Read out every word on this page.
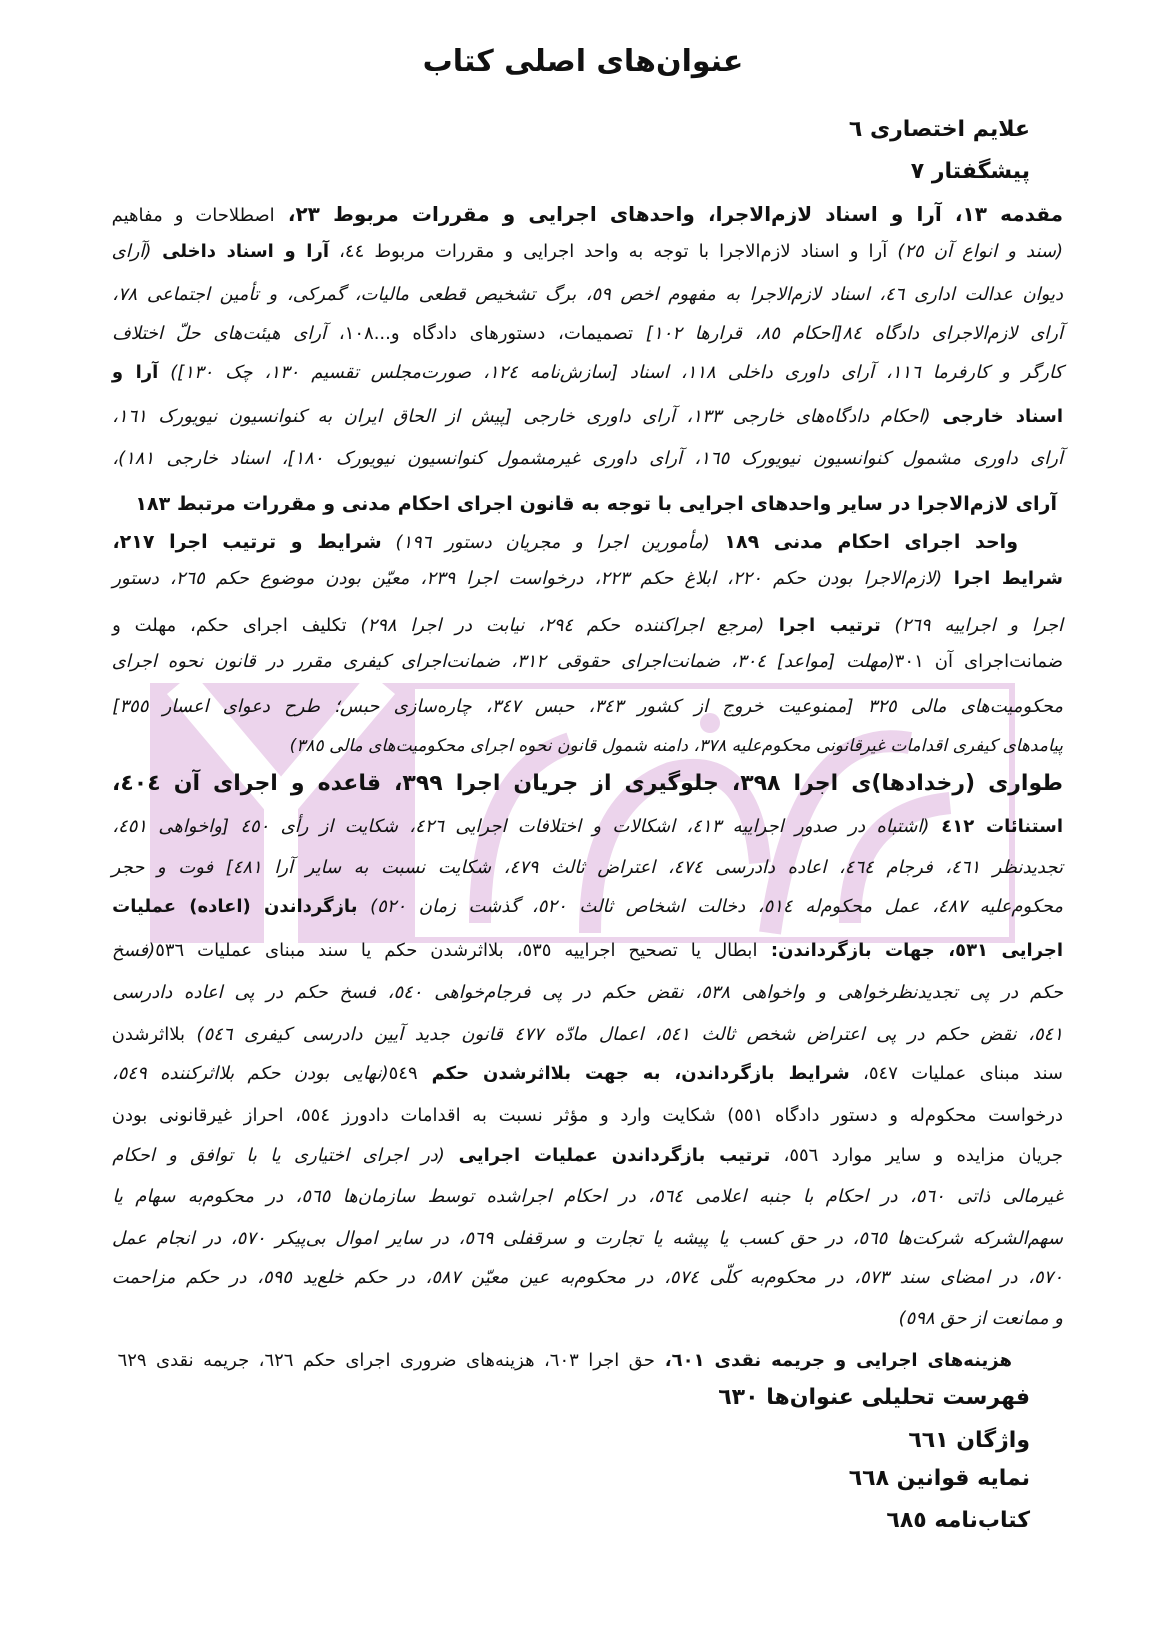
عنوان‌های اصلی کتاب
علایم اختصاری ٦
پیشگفتار ٧
مقدمه ١٣، آرا و اسناد لازم‌الاجرا، واحدهای اجرایی و مقررات مربوط ٢٣، اصطلاحات و مفاهیم
(سند و انواع آن ٢٥) آرا و اسناد لازم‌الاجرا با توجه به واحد اجرایی و مقررات مربوط ٤٤، آرا و اسناد داخلی (آرای
دیوان عدالت اداری ٤٦، اسناد لازم‌الاجرا به مفهوم اخص ٥٩، برگ تشخیص قطعی مالیات، گمرکی، و تأمین اجتماعی ٧٨،
آرای لازم‌الاجرای دادگاه ٨٤[احکام ٨٥، قرارها ١٠٢] تصمیمات، دستورهای دادگاه و...١٠٨، آرای هیئت‌های حلّ اختلاف
کارگر و کارفرما ١١٦، آرای داوری داخلی ١١٨، اسناد [سازش‌نامه ١٢٤، صورت‌مجلس تقسیم ١٣٠، چک ١٣٠]) آرا و
اسناد خارجی (احکام دادگاه‌های خارجی ١٣٣، آرای داوری خارجی [پیش از الحاق ایران به کنوانسیون نیویورک ١٦١،
آرای داوری مشمول کنوانسیون نیویورک ١٦٥، آرای داوری غیرمشمول کنوانسیون نیویورک ١٨٠]، اسناد خارجی ١٨١)،
آرای لازم‌الاجرا در سایر واحدهای اجرایی با توجه به قانون اجرای احکام مدنی و مقررات مرتبط ١٨٣
واحد اجرای احکام مدنی ١٨٩ (مأمورین اجرا و مجریان دستور ١٩٦) شرایط و ترتیب اجرا ٢١٧،
شرایط اجرا (لازم‌الاجرا بودن حکم ٢٢٠، ابلاغ حکم ٢٢٣، درخواست اجرا ٢٣٩، معیّن بودن موضوع حکم ٢٦٥، دستور
اجرا و اجراییه ٢٦٩) ترتیب اجرا (مرجع اجراکننده حکم ٢٩٤، نیابت در اجرا ٢٩٨) تکلیف اجرای حکم، مهلت و
ضمانت‌اجرای آن ٣٠١(مهلت [مواعد] ٣٠٤، ضمانت‌اجرای حقوقی ٣١٢، ضمانت‌اجرای کیفری مقرر در قانون نحوه اجرای
محکومیت‌های مالی ٣٢٥ [ممنوعیت خروج از کشور ٣٤٣، حبس ٣٤٧، چاره‌سازی حبس؛ طرح دعوای اعسار ٣٥٥]
پیامدهای کیفری اقدامات غیرقانونی محکوم‌علیه ٣٧٨، دامنه شمول قانون نحوه اجرای محکومیت‌های مالی ٣٨٥)
طواری (رخدادها)ی اجرا ٣٩٨، جلوگیری از جریان اجرا ٣٩٩، قاعده و اجرای آن ٤٠٤،
استنائات ٤١٢ (اشتباه در صدور اجراییه ٤١٣، اشکالات و اختلافات اجرایی ٤٢٦، شکایت از رأی ٤٥٠ [واخواهی ٤٥١،
تجدیدنظر ٤٦١، فرجام ٤٦٤، اعاده دادرسی ٤٧٤، اعتراض ثالث ٤٧٩، شکایت نسبت به سایر آرا ٤٨١] فوت و حجر
محکوم‌علیه ٤٨٧، عمل محکوم‌له ٥١٤، دخالت اشخاص ثالث ٥٢٠، گذشت زمان ٥٢٠) بازگرداندن (اعاده) عملیات
اجرایی ٥٣١، جهات بازگرداندن: ابطال یا تصحیح اجراییه ٥٣٥، بلااثرشدن حکم یا سند مبنای عملیات ٥٣٦(فسخ
حکم در پی تجدیدنظرخواهی و واخواهی ٥٣٨، نقض حکم در پی فرجام‌خواهی ٥٤٠، فسخ حکم در پی اعاده دادرسی
٥٤١، نقض حکم در پی اعتراض شخص ثالث ٥٤١، اعمال مادّه ٤٧٧ قانون جدید آیین دادرسی کیفری ٥٤٦) بلااثرشدن
سند مبنای عملیات ٥٤٧، شرایط بازگرداندن، به جهت بلااثرشدن حکم ٥٤٩(نهایی بودن حکم بلااثرکننده ٥٤٩،
درخواست محکوم‌له و دستور دادگاه ٥٥١) شکایت وارد و مؤثر نسبت به اقدامات دادورز ٥٥٤، احراز غیرقانونی بودن
جریان مزایده و سایر موارد ٥٥٦، ترتیب بازگرداندن عملیات اجرایی (در اجرای اختیاری یا با توافق و احکام
غیرمالی ذاتی ٥٦٠، در احکام با جنبه اعلامی ٥٦٤، در احکام اجراشده توسط سازمان‌ها ٥٦٥، در محکوم‌به سهام یا
سهم‌الشرکه شرکت‌ها ٥٦٥، در حق کسب یا پیشه یا تجارت و سرقفلی ٥٦٩، در سایر اموال بی‌پیکر ٥٧٠، در انجام عمل
٥٧٠، در امضای سند ٥٧٣، در محکوم‌به کلّی ٥٧٤، در محکوم‌به عین معیّن ٥٨٧، در حکم خلع‌ید ٥٩٥، در حکم مزاحمت
و ممانعت از حق ٥٩٨)
هزینه‌های اجرایی و جریمه نقدی ٦٠١، حق اجرا ٦٠٣، هزینه‌های ضروری اجرای حکم ٦٢٦، جریمه نقدی ٦٢٩
فهرست تحلیلی عنوان‌ها ٦٣٠
واژگان ٦٦١
نمایه قوانین ٦٦٨
کتاب‌نامه ٦٨٥
